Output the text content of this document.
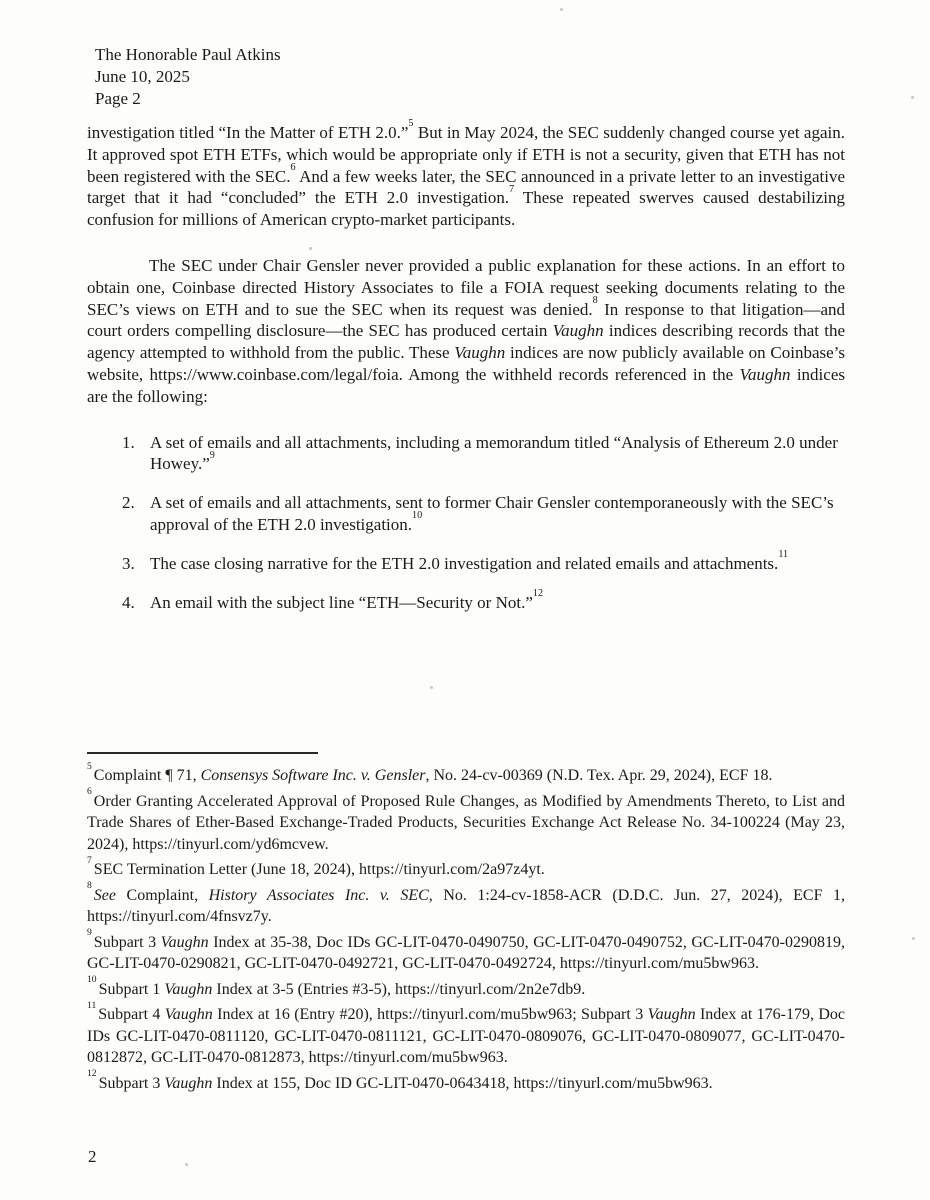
The Honorable Paul Atkins
June 10, 2025
Page 2

investigation titled “In the Matter of ETH 2.0.”$^5$ But in May 2024, the SEC suddenly changed course yet again. It approved spot ETH ETFs, which would be appropriate only if ETH is not a security, given that ETH has not been registered with the SEC.$^6$ And a few weeks later, the SEC announced in a private letter to an investigative target that it had “concluded” the ETH 2.0 investigation.$^7$ These repeated swerves caused destabilizing confusion for millions of American crypto-market participants.

The SEC under Chair Gensler never provided a public explanation for these actions. In an effort to obtain one, Coinbase directed History Associates to file a FOIA request seeking documents relating to the SEC’s views on ETH and to sue the SEC when its request was denied.$^8$ In response to that litigation—and court orders compelling disclosure—the SEC has produced certain Vaughn indices describing records that the agency attempted to withhold from the public. These Vaughn indices are now publicly available on Coinbase’s website, https://www.coinbase.com/legal/foia. Among the withheld records referenced in the Vaughn indices are the following:

1. A set of emails and all attachments, including a memorandum titled “Analysis of Ethereum 2.0 under Howey.”$^9$
2. A set of emails and all attachments, sent to former Chair Gensler contemporaneously with the SEC’s approval of the ETH 2.0 investigation.$^{10}$
3. The case closing narrative for the ETH 2.0 investigation and related emails and attachments.$^{11}$
4. An email with the subject line “ETH—Security or Not.”$^{12}$
$^5$Complaint ¶ 71, Consensys Software Inc. v. Gensler, No. 24-cv-00369 (N.D. Tex. Apr. 29, 2024), ECF 18.
$^6$Order Granting Accelerated Approval of Proposed Rule Changes, as Modified by Amendments Thereto, to List and Trade Shares of Ether-Based Exchange-Traded Products, Securities Exchange Act Release No. 34-100224 (May 23, 2024), https://tinyurl.com/yd6mcvew.
$^7$SEC Termination Letter (June 18, 2024), https://tinyurl.com/2a97z4yt.
$^8$See Complaint, History Associates Inc. v. SEC, No. 1:24-cv-1858-ACR (D.D.C. Jun. 27, 2024), ECF 1, https://tinyurl.com/4fnsvz7y.
$^9$Subpart 3 Vaughn Index at 35-38, Doc IDs GC-LIT-0470-0490750, GC-LIT-0470-0490752, GC-LIT-0470-0290819, GC-LIT-0470-0290821, GC-LIT-0470-0492721, GC-LIT-0470-0492724, https://tinyurl.com/mu5bw963.
$^{10}$Subpart 1 Vaughn Index at 3-5 (Entries #3-5), https://tinyurl.com/2n2e7db9.
$^{11}$Subpart 4 Vaughn Index at 16 (Entry #20), https://tinyurl.com/mu5bw963; Subpart 3 Vaughn Index at 176-179, Doc IDs GC-LIT-0470-0811120, GC-LIT-0470-0811121, GC-LIT-0470-0809076, GC-LIT-0470-0809077, GC-LIT-0470-0812872, GC-LIT-0470-0812873, https://tinyurl.com/mu5bw963.
$^{12}$Subpart 3 Vaughn Index at 155, Doc ID GC-LIT-0470-0643418, https://tinyurl.com/mu5bw963.
2
